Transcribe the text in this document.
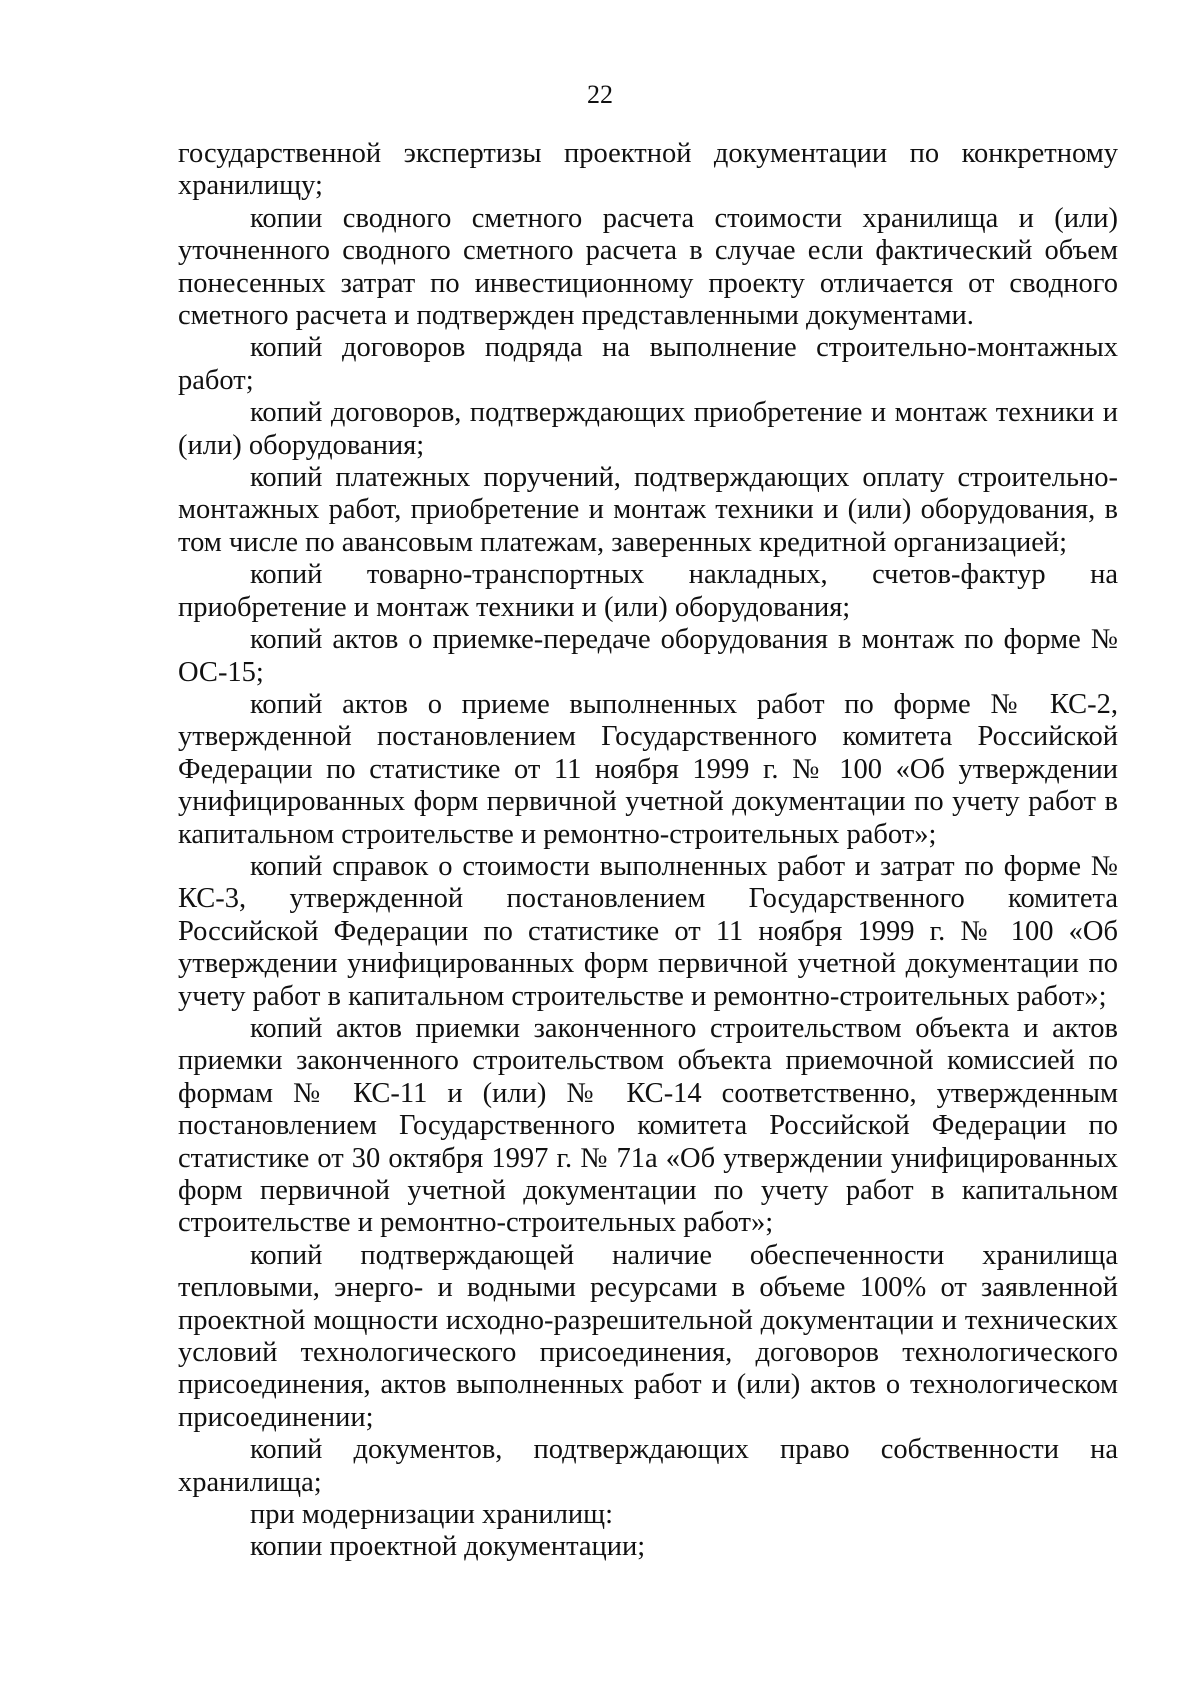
22

государственной экспертизы проектной документации по конкретному хранилищу;

копии сводного сметного расчета стоимости хранилища и (или) уточненного сводного сметного расчета в случае если фактический объем понесенных затрат по инвестиционному проекту отличается от сводного сметного расчета и подтвержден представленными документами.

копий договоров подряда на выполнение строительно-монтажных работ;

копий договоров, подтверждающих приобретение и монтаж техники и (или) оборудования;

копий платежных поручений, подтверждающих оплату строительно-монтажных работ, приобретение и монтаж техники и (или) оборудования, в том числе по авансовым платежам, заверенных кредитной организацией;

копий товарно-транспортных накладных, счетов-фактур на приобретение и монтаж техники и (или) оборудования;

копий актов о приемке-передаче оборудования в монтаж по форме № ОС-15;

копий актов о приеме выполненных работ по форме № КС-2, утвержденной постановлением Государственного комитета Российской Федерации по статистике от 11 ноября 1999 г. № 100 «Об утверждении унифицированных форм первичной учетной документации по учету работ в капитальном строительстве и ремонтно-строительных работ»;

копий справок о стоимости выполненных работ и затрат по форме № КС-3, утвержденной постановлением Государственного комитета Российской Федерации по статистике от 11 ноября 1999 г. № 100 «Об утверждении унифицированных форм первичной учетной документации по учету работ в капитальном строительстве и ремонтно-строительных работ»;

копий актов приемки законченного строительством объекта и актов приемки законченного строительством объекта приемочной комиссией по формам № КС-11 и (или) № КС-14 соответственно, утвержденным постановлением Государственного комитета Российской Федерации по статистике от 30 октября 1997 г. № 71а «Об утверждении унифицированных форм первичной учетной документации по учету работ в капитальном строительстве и ремонтно-строительных работ»;

копий подтверждающей наличие обеспеченности хранилища тепловыми, энерго- и водными ресурсами в объеме 100% от заявленной проектной мощности исходно-разрешительной документации и технических условий технологического присоединения, договоров технологического присоединения, актов выполненных работ и (или) актов о технологическом присоединении;

копий документов, подтверждающих право собственности на хранилища;

при модернизации хранилищ:

копии проектной документации;
